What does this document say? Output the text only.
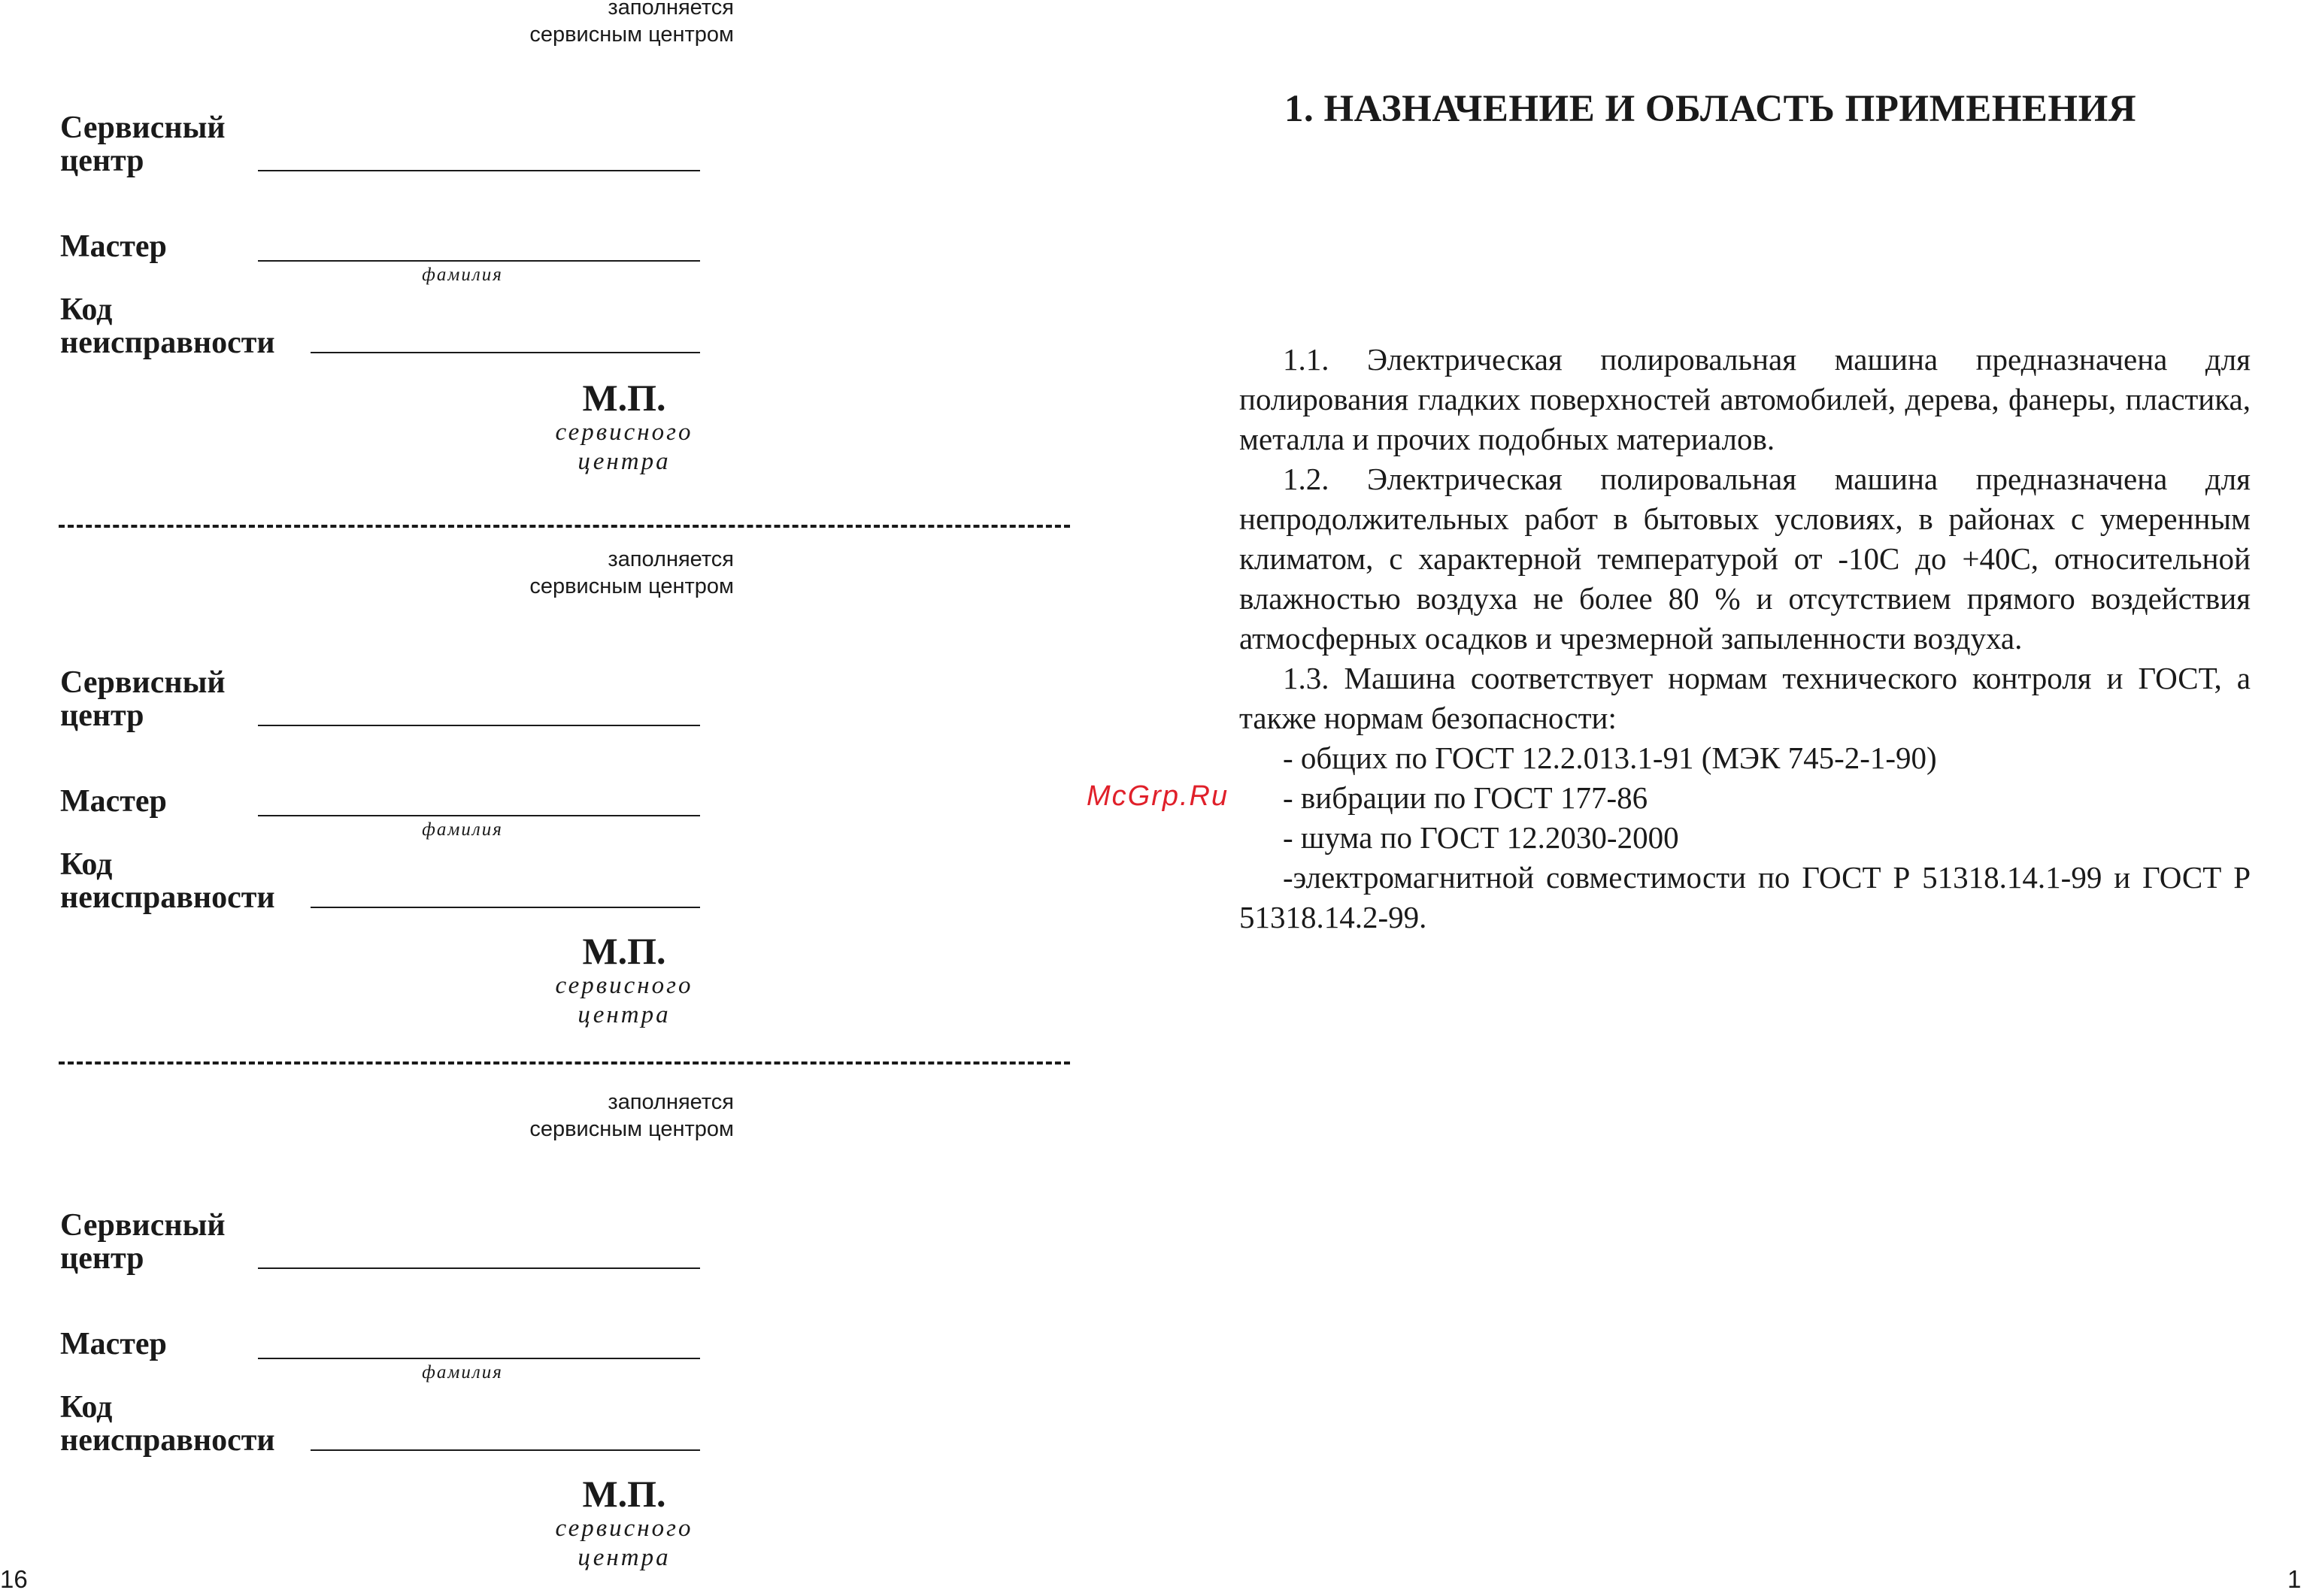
заполняется
сервисным центром
Сервисный
центр
Мастер
фамилия
Код
неисправности
М.П.
сервисного
центра
заполняется
сервисным центром
Сервисный
центр
Мастер
фамилия
Код
неисправности
М.П.
сервисного
центра
заполняется
сервисным центром
Сервисный
центр
Мастер
фамилия
Код
неисправности
М.П.
сервисного
центра
16
McGrp.Ru
1. НАЗНАЧЕНИЕ И ОБЛАСТЬ ПРИМЕНЕНИЯ

1.1. Электрическая полировальная машина предназначена для полирования гладких поверхностей автомобилей, дерева, фанеры, пластика, металла и прочих подобных материалов.

1.2. Электрическая полировальная машина предназначена для непродолжительных работ в бытовых условиях, в районах с умеренным климатом, с характерной температурой от -10С до +40С, относительной влажностью воздуха не более 80 % и отсутствием прямого воздействия атмосферных осадков и чрезмерной запыленности воздуха.

1.3. Машина соответствует нормам технического контроля и ГОСТ, а также нормам безопасности:

- общих по ГОСТ 12.2.013.1-91 (МЭК 745-2-1-90)

- вибрации по ГОСТ 177-86

- шума по ГОСТ 12.2030-2000

-электромагнитной совместимости по ГОСТ Р 51318.14.1-99 и ГОСТ Р 51318.14.2-99.

1
